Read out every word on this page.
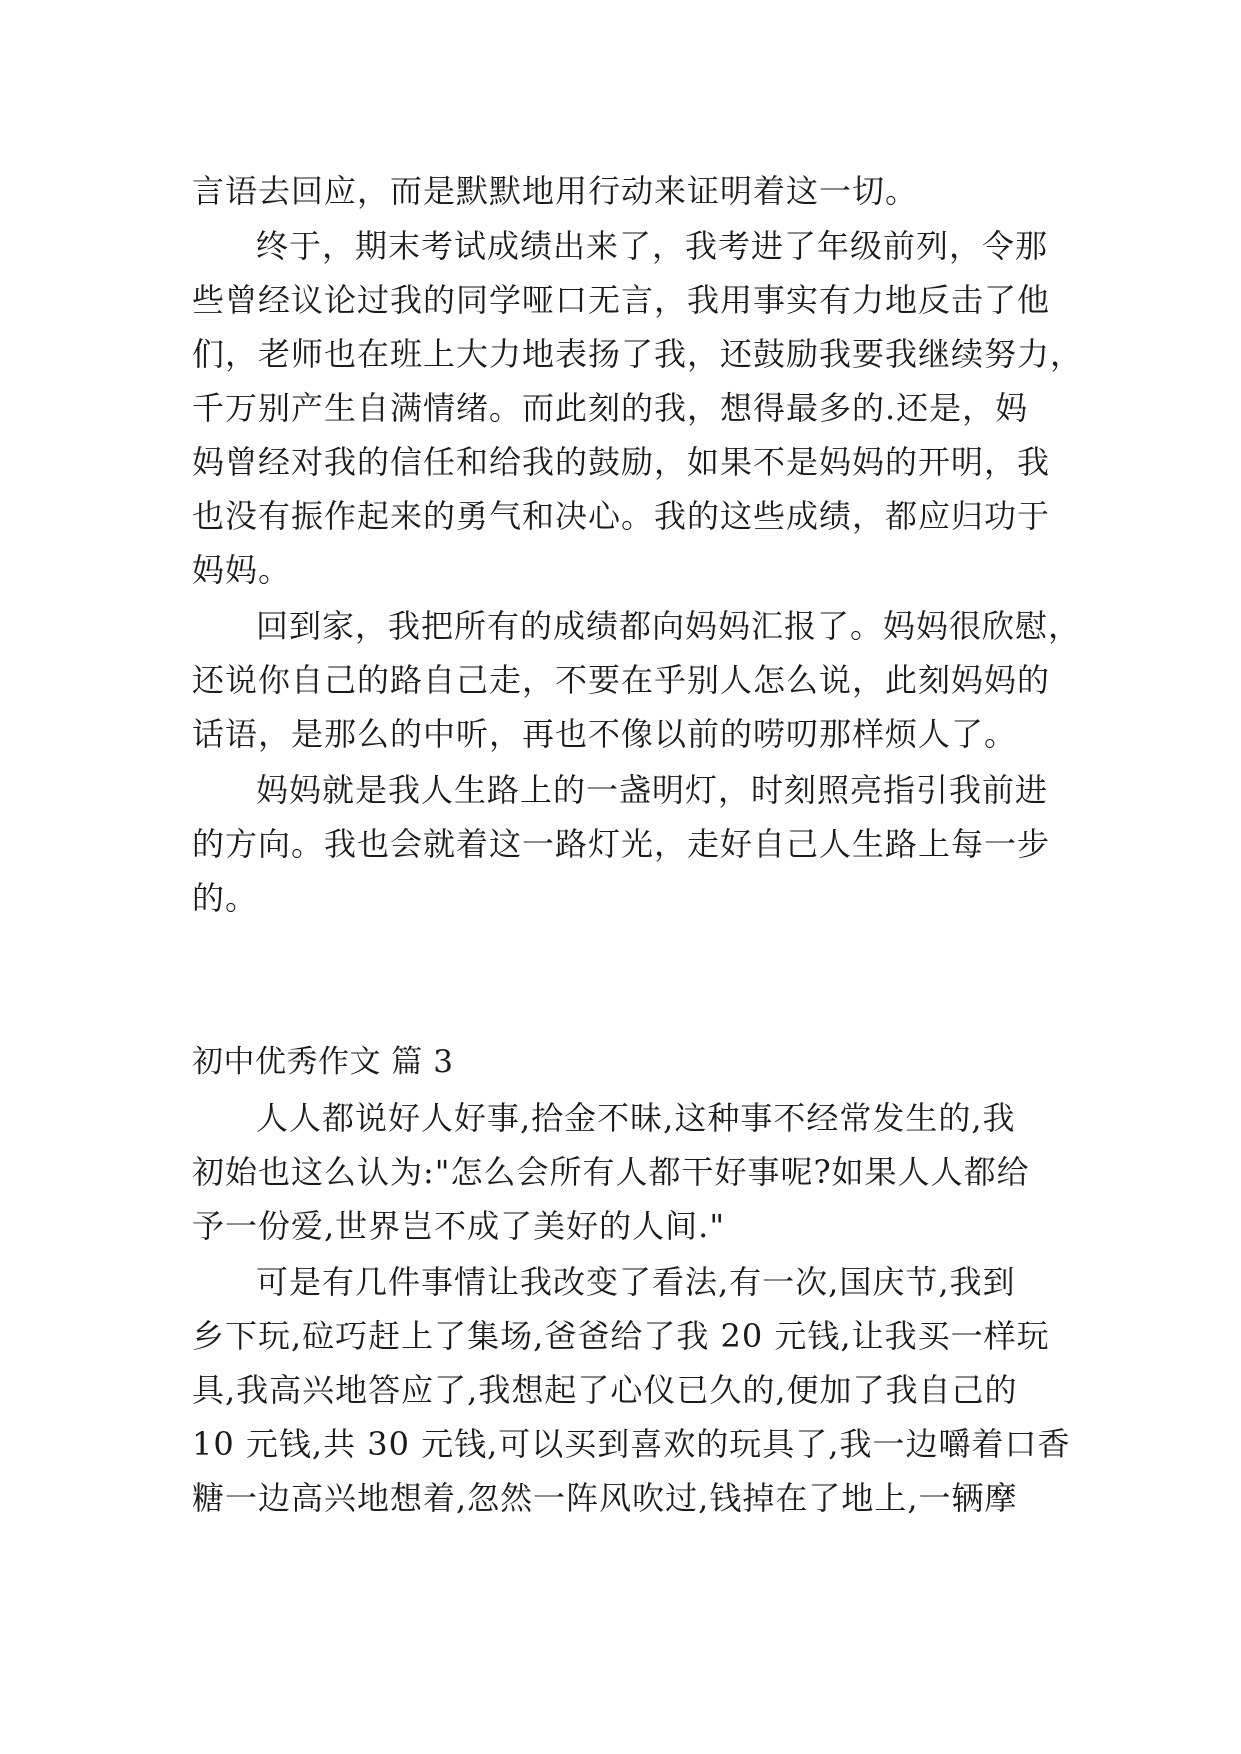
言语去回应，而是默默地用行动来证明着这一切。
终于，期末考试成绩出来了，我考进了年级前列，令那
些曾经议论过我的同学哑口无言，我用事实有力地反击了他
们，老师也在班上大力地表扬了我，还鼓励我要我继续努力，
千万别产生自满情绪。而此刻的我，想得最多的.还是，妈
妈曾经对我的信任和给我的鼓励，如果不是妈妈的开明，我
也没有振作起来的勇气和决心。我的这些成绩，都应归功于
妈妈。
回到家，我把所有的成绩都向妈妈汇报了。妈妈很欣慰，
还说你自己的路自己走，不要在乎别人怎么说，此刻妈妈的
话语，是那么的中听，再也不像以前的唠叨那样烦人了。
妈妈就是我人生路上的一盏明灯，时刻照亮指引我前进
的方向。我也会就着这一路灯光，走好自己人生路上每一步
的。
初中优秀作文 篇 3
人人都说好人好事,拾金不昧,这种事不经常发生的,我
初始也这么认为:"怎么会所有人都干好事呢?如果人人都给
予一份爱,世界岂不成了美好的人间."
可是有几件事情让我改变了看法,有一次,国庆节,我到
乡下玩,砬巧赶上了集场,爸爸给了我 20 元钱,让我买一样玩
具,我高兴地答应了,我想起了心仪已久的,便加了我自己的
10 元钱,共 30 元钱,可以买到喜欢的玩具了,我一边嚼着口香
糖一边高兴地想着,忽然一阵风吹过,钱掉在了地上,一辆摩
